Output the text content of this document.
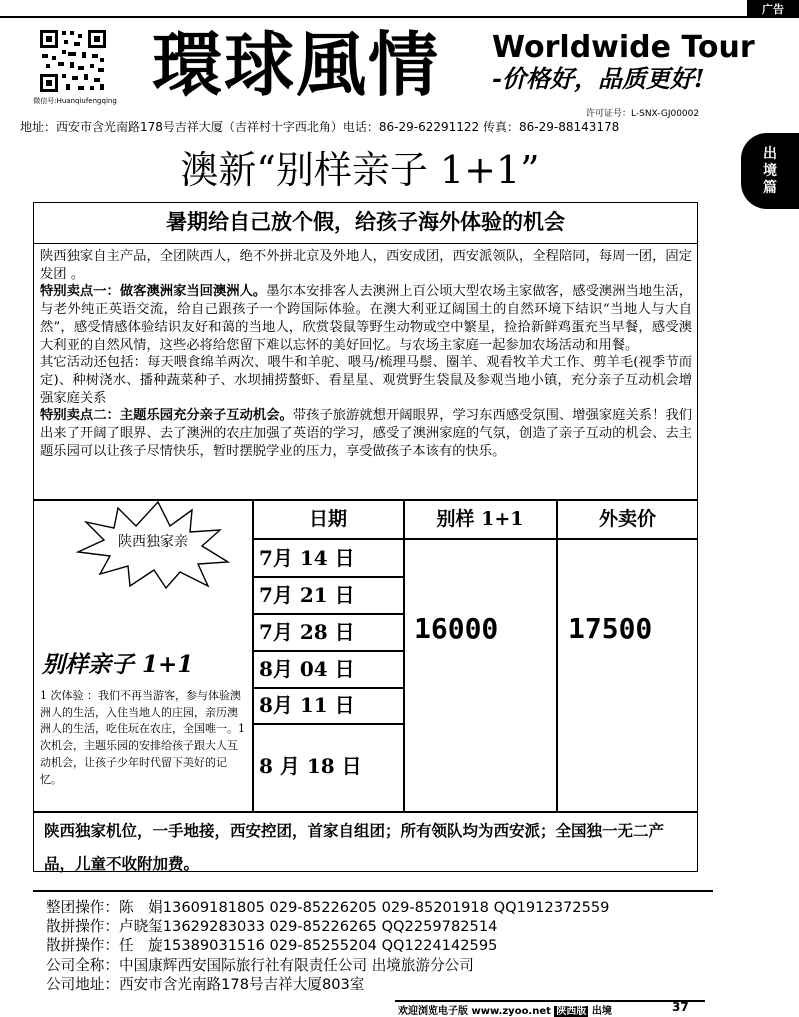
广告
微信号:Huanqiufengqing 環球風情 Worldwide Tour
-价格好，品质更好!
许可证号：L-SNX-GJ00002
地址：西安市含光南路178号吉祥大厦（吉祥村十字西北角）电话：86-29-62291122 传真：86-29-88143178
出
境
篇
澳新“别样亲子 1+1”
暑期给自己放个假，给孩子海外体验的机会

陕西独家自主产品，全团陕西人，绝不外拼北京及外地人，西安成团，西安派领队，全程陪同，每周一团，固定发团 。

特别卖点一：做客澳洲家当回澳洲人。墨尔本安排客人去澳洲上百公顷大型农场主家做客，感受澳洲当地生活，与老外纯正英语交流，给自己跟孩子一个跨国际体验。在澳大利亚辽阔国土的自然环境下结识“当地人与大自然”，感受情感体验结识友好和蔼的当地人，欣赏袋鼠等野生动物或空中繁星，捡拾新鲜鸡蛋充当早餐，感受澳大利亚的自然风情，这些必将给您留下难以忘怀的美好回忆。与农场主家庭一起参加农场活动和用餐。

其它活动还包括：每天喂食绵羊两次、喂牛和羊驼、喂马/梳理马鬃、圈羊、观看牧羊犬工作、剪羊毛(视季节而定)、种树浇水、播种蔬菜种子、水坝捕捞螯虾、看星星、观赏野生袋鼠及参观当地小镇，充分亲子互动机会增强家庭关系

特别卖点二：主题乐园充分亲子互动机会。带孩子旅游就想开阔眼界，学习东西感受氛围、增强家庭关系！我们出来了开阔了眼界、去了澳洲的农庄加强了英语的学习，感受了澳洲家庭的气氛，创造了亲子互动的机会、去主题乐园可以让孩子尽情快乐，暂时摆脱学业的压力，享受做孩子本该有的快乐。

日期	别样 1+1	外卖价
7月 14 日
7月 21 日
7月 28 日
8月 04 日
8月 11 日
8 月 18 日
16000 17500
陕西独家亲
别样亲子 1+1
1 次体验 ：我们不再当游客，参与体验澳洲人的生活，入住当地人的庄园，亲历澳洲人的生活，吃住玩在农庄，全国唯一。1 次机会，主题乐园的安排给孩子跟大人互动机会，让孩子少年时代留下美好的记忆。
陕西独家机位，一手地接，西安控团，首家自组团；所有领队均为西安派；全国独一无二产品，儿童不收附加费。
整团操作：陈　娟13609181805 029-85226205 029-85201918 QQ1912372559
散拼操作：卢晓玺13629283033 029-85226265 QQ2259782514
散拼操作：任　旋15389031516 029-85255204 QQ1224142595
公司全称：中国康辉西安国际旅行社有限责任公司 出境旅游分公司
公司地址：西安市含光南路178号吉祥大厦803室
欢迎浏览电子版 www.zyoo.net 陕西版 出境	37
